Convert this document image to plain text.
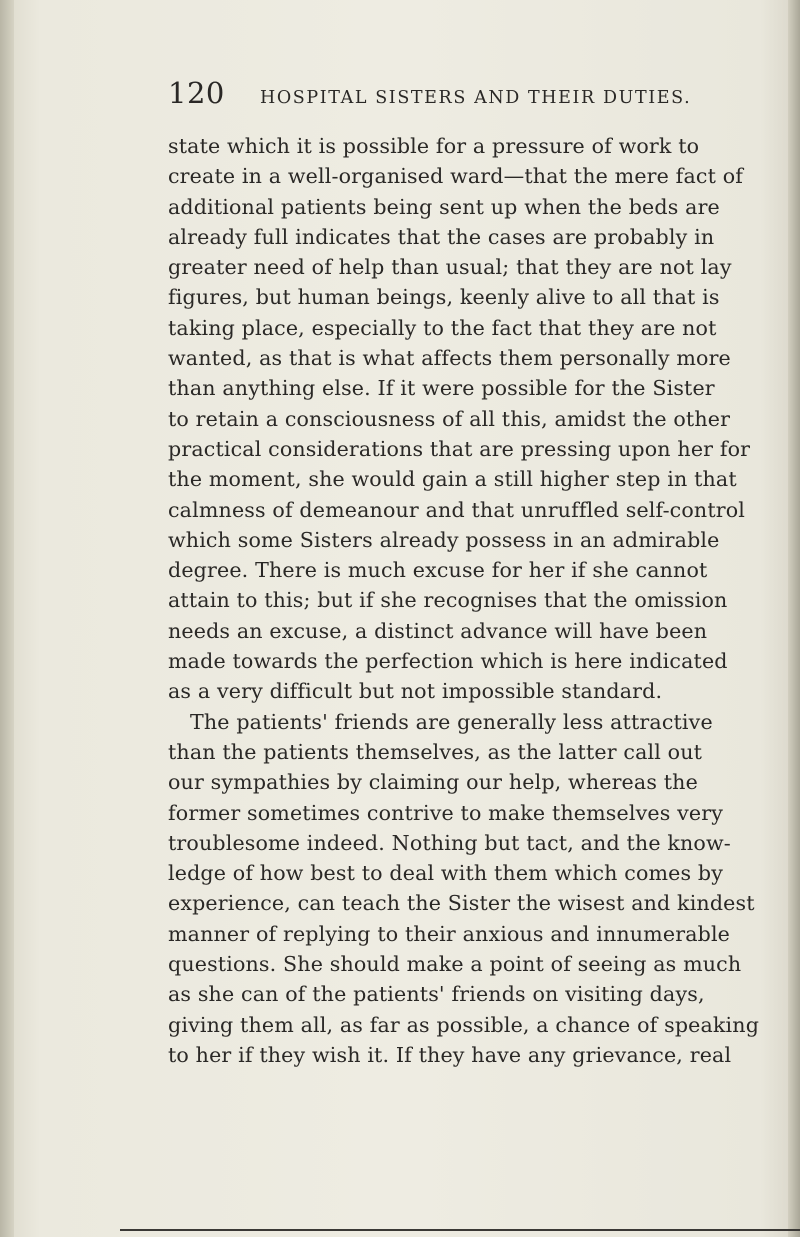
120 HOSPITAL SISTERS AND THEIR DUTIES.
state which it is possible for a pressure of work to
create in a well-organised ward—that the mere fact of
additional patients being sent up when the beds are
already full indicates that the cases are probably in
greater need of help than usual; that they are not lay
figures, but human beings, keenly alive to all that is
taking place, especially to the fact that they are not
wanted, as that is what affects them personally more
than anything else. If it were possible for the Sister
to retain a consciousness of all this, amidst the other
practical considerations that are pressing upon her for
the moment, she would gain a still higher step in that
calmness of demeanour and that unruffled self-control
which some Sisters already possess in an admirable
degree. There is much excuse for her if she cannot
attain to this; but if she recognises that the omission
needs an excuse, a distinct advance will have been
made towards the perfection which is here indicated
as a very difficult but not impossible standard.
The patients' friends are generally less attractive
than the patients themselves, as the latter call out
our sympathies by claiming our help, whereas the
former sometimes contrive to make themselves very
troublesome indeed. Nothing but tact, and the know-
ledge of how best to deal with them which comes by
experience, can teach the Sister the wisest and kindest
manner of replying to their anxious and innumerable
questions. She should make a point of seeing as much
as she can of the patients' friends on visiting days,
giving them all, as far as possible, a chance of speaking
to her if they wish it. If they have any grievance, real
